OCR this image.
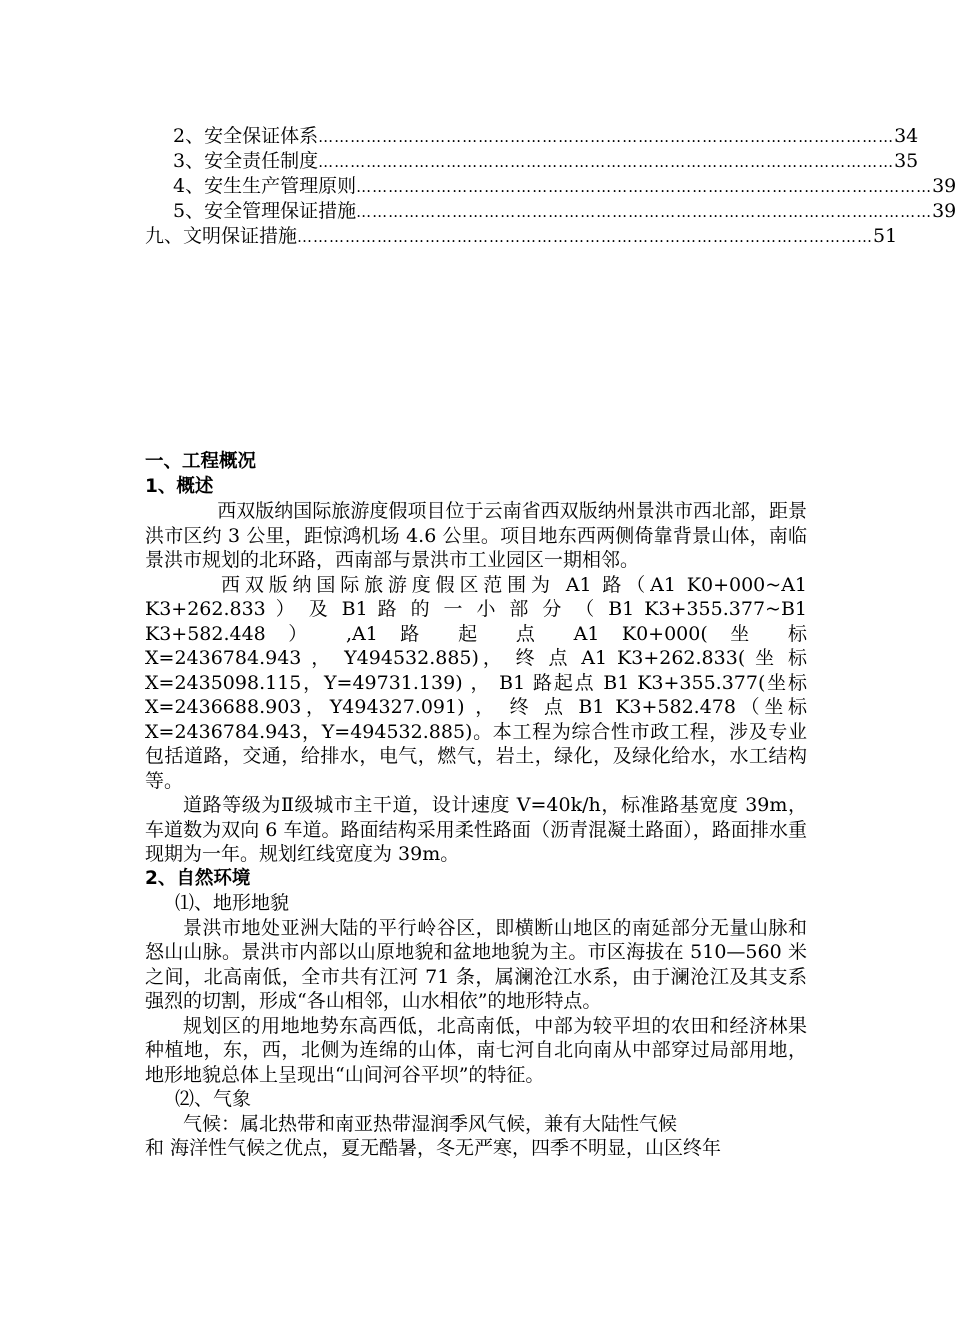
2、安全保证体系 ……………………………………………………………………………………………… 34
3、安全责任制度 ……………………………………………………………………………………………… 35
4、安生生产管理原则 ……………………………………………………………………………………………… 39
5、安全管理保证措施 ……………………………………………………………………………………………… 39
九、文明保证措施 ……………………………………………………………………………………………… 51
一、工程概况
1、概述

西双版纳国际旅游度假项目位于云南省西双版纳州景洪市西北部，距景洪市区约 3 公里，距惊鸿机场 4.6 公里。项目地东西两侧倚靠背景山体，南临景洪市规划的北环路，西南部与景洪市工业园区一期相邻。

西双版纳国际旅游度假区范围为 A1 路（A1 K0+000~A1
K3+262.833 ） 及 B1 路 的 一 小 部 分 （ B1 K3+355.377~B1
K3+582.448 ） ,A1 路 起 点 A1 K0+000( 坐 标
X=2436784.943 ， Y494532.885)， 终 点 A1 K3+262.833( 坐 标
X=2435098.115，Y=49731.139) ， B1 路起点 B1 K3+355.377(坐标
X=2436688.903，Y494327.091) ， 终 点 B1 K3+582.478（坐标

X=2436784.943，Y=494532.885)。本工程为综合性市政工程，涉及专业包括道路，交通，给排水，电气，燃气，岩土，绿化，及绿化给水，水工结构等。

道路等级为Ⅱ级城市主干道，设计速度 V=40k/h，标准路基宽度 39m，车道数为双向 6 车道。路面结构采用柔性路面（沥青混凝土路面），路面排水重现期为一年。规划红线宽度为 39m。

2、自然环境
⑴、地形地貌

景洪市地处亚洲大陆的平行岭谷区，即横断山地区的南延部分无量山脉和怒山山脉。景洪市内部以山原地貌和盆地地貌为主。市区海拔在 510—560 米之间，北高南低，全市共有江河 71 条，属澜沧江水系，由于澜沧江及其支系强烈的切割，形成“各山相邻，山水相依”的地形特点。

规划区的用地地势东高西低，北高南低，中部为较平坦的农田和经济林果种植地，东，西，北侧为连绵的山体，南七河自北向南从中部穿过局部用地，地形地貌总体上呈现出“山间河谷平坝”的特征。

⑵、气象
气候：属北热带和南亚热带湿润季风气候，兼有大陆性气候
和 海洋性气候之优点，夏无酷暑，冬无严寒，四季不明显，山区终年
